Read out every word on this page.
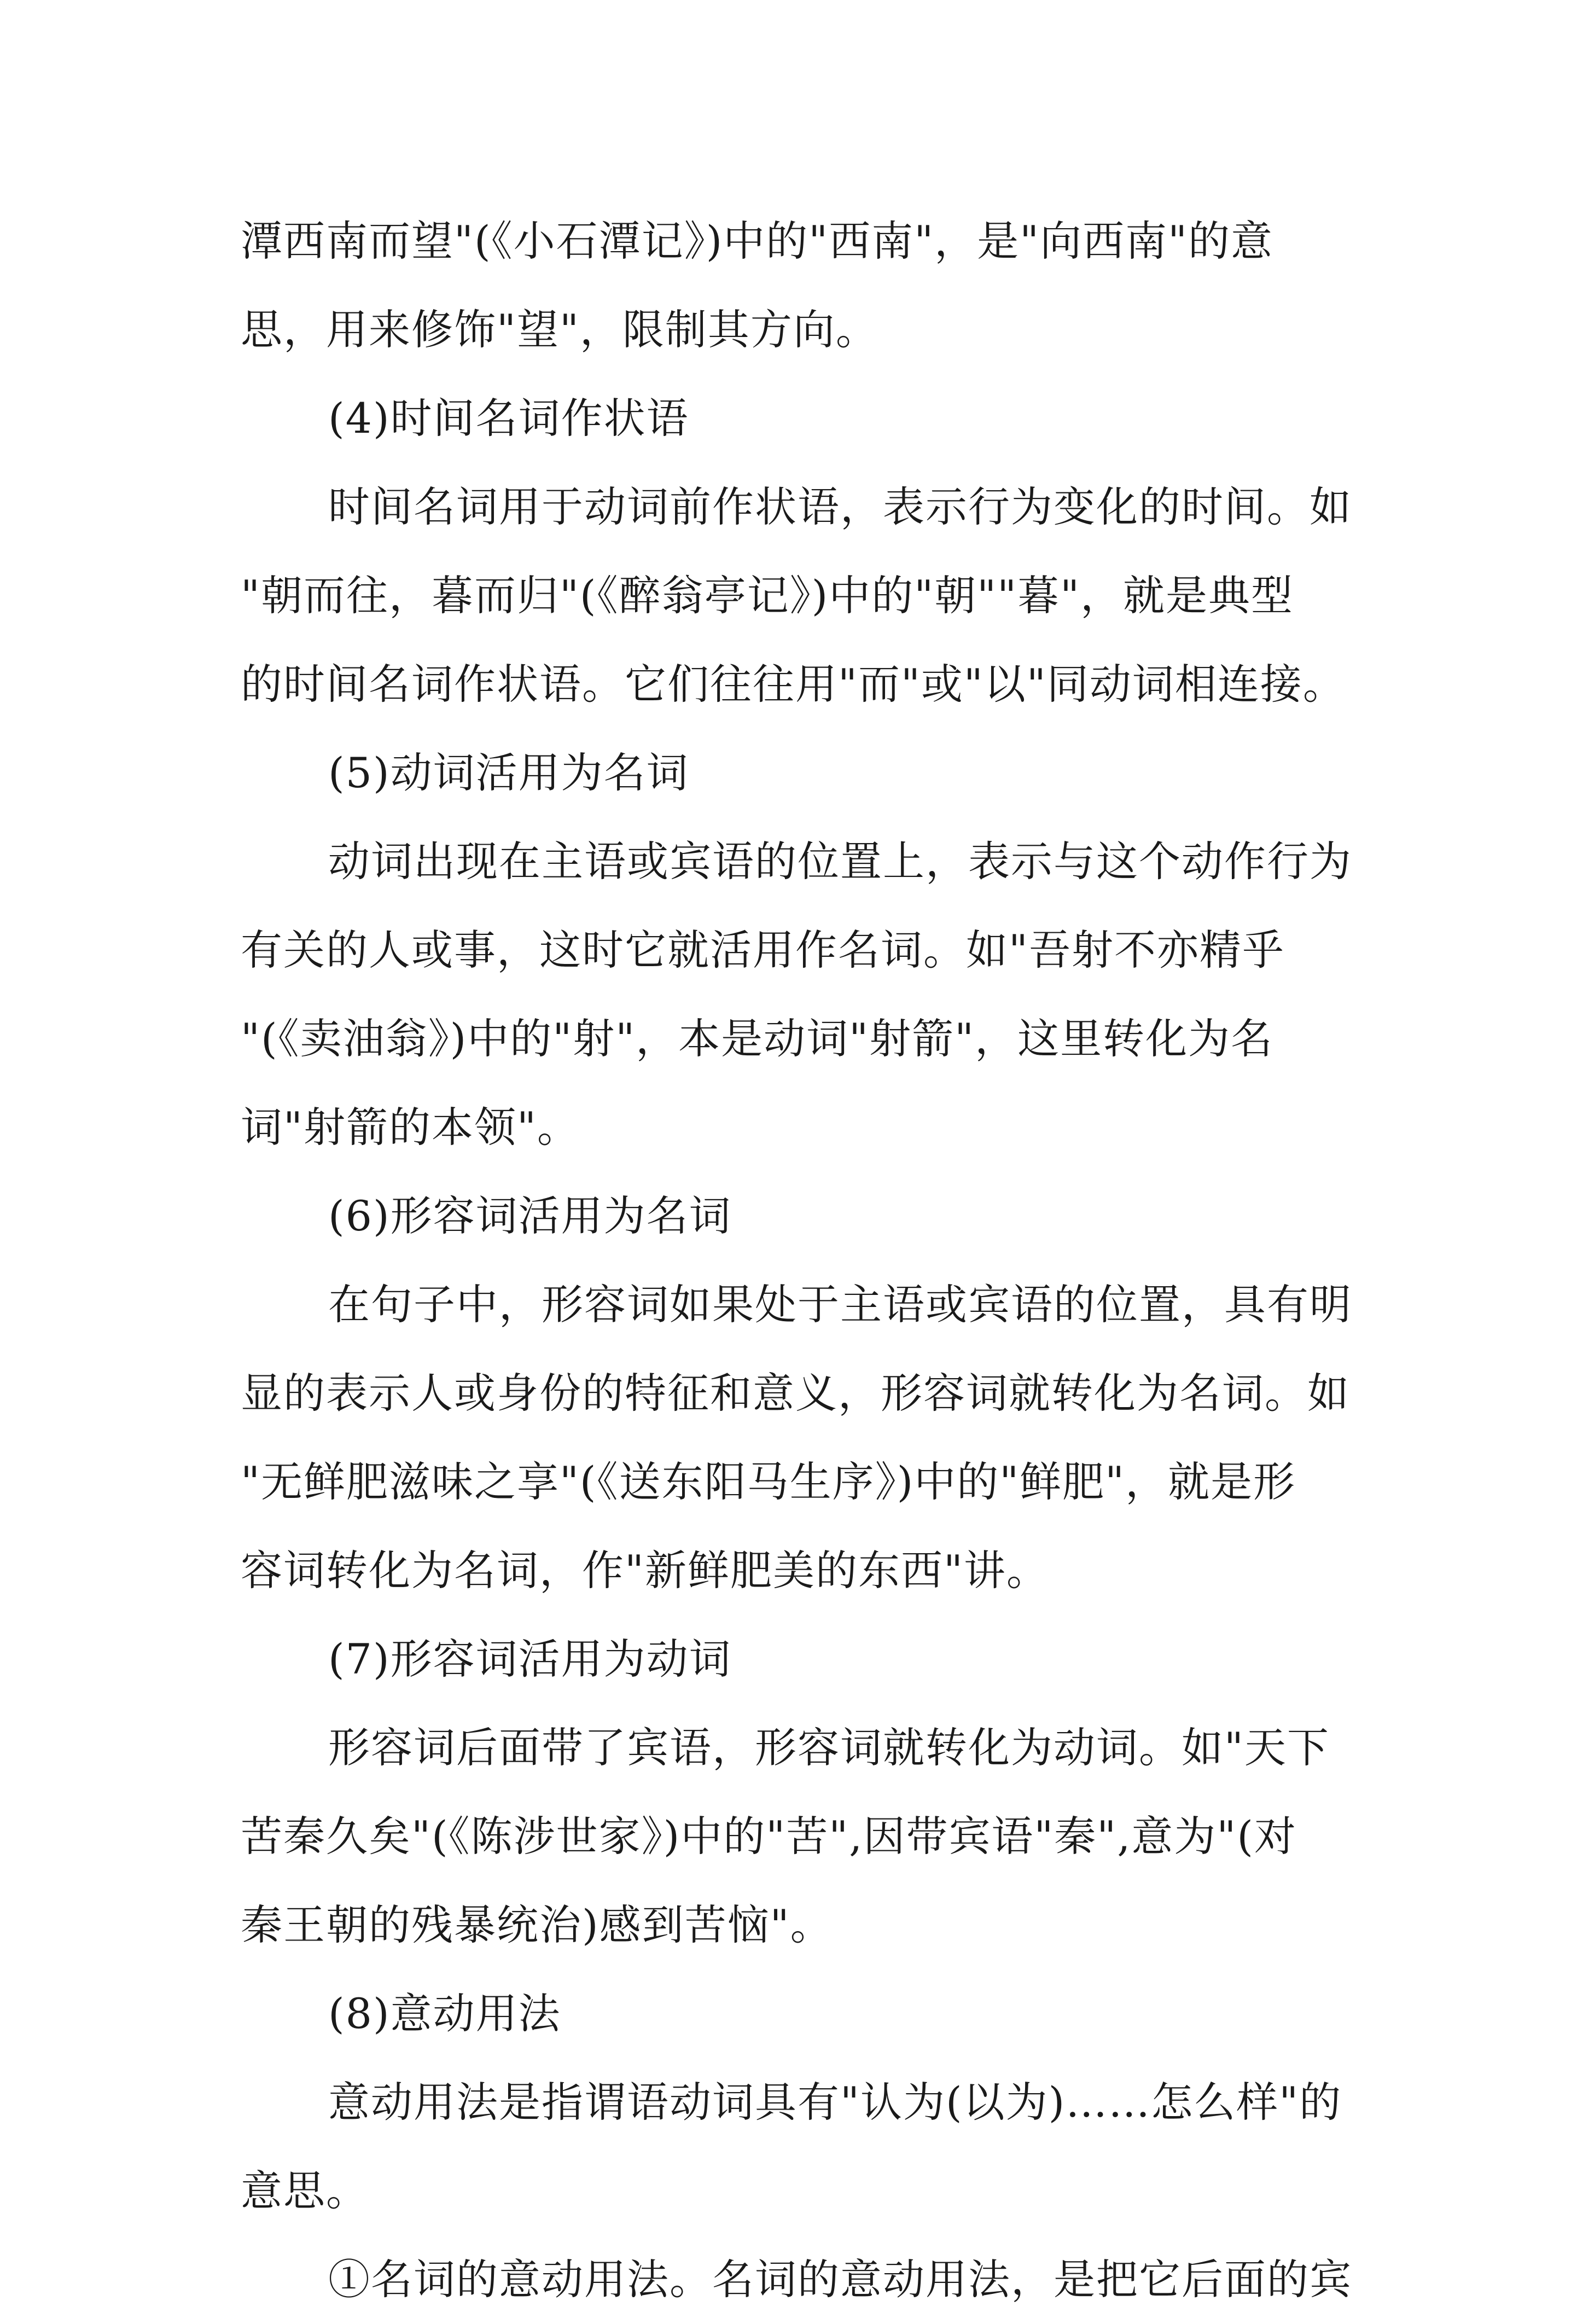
潭西南而望"(《小石潭记》)中的"西南"，是"向西南"的意
思，用来修饰"望"，限制其方向。
(4)时间名词作状语
时间名词用于动词前作状语，表示行为变化的时间。如
"朝而往，暮而归"(《醉翁亭记》)中的"朝""暮"，就是典型
的时间名词作状语。它们往往用"而"或"以"同动词相连接。
(5)动词活用为名词
动词出现在主语或宾语的位置上，表示与这个动作行为
有关的人或事，这时它就活用作名词。如"吾射不亦精乎
"(《卖油翁》)中的"射"，本是动词"射箭"，这里转化为名
词"射箭的本领"。
(6)形容词活用为名词
在句子中，形容词如果处于主语或宾语的位置，具有明
显的表示人或身份的特征和意义，形容词就转化为名词。如
"无鲜肥滋味之享"(《送东阳马生序》)中的"鲜肥"，就是形
容词转化为名词，作"新鲜肥美的东西"讲。
(7)形容词活用为动词
形容词后面带了宾语，形容词就转化为动词。如"天下
苦秦久矣"(《陈涉世家》)中的"苦",因带宾语"秦",意为"(对
秦王朝的残暴统治)感到苦恼"。
(8)意动用法
意动用法是指谓语动词具有"认为(以为)……怎么样"的
意思。
①名词的意动用法。名词的意动用法，是把它后面的宾
